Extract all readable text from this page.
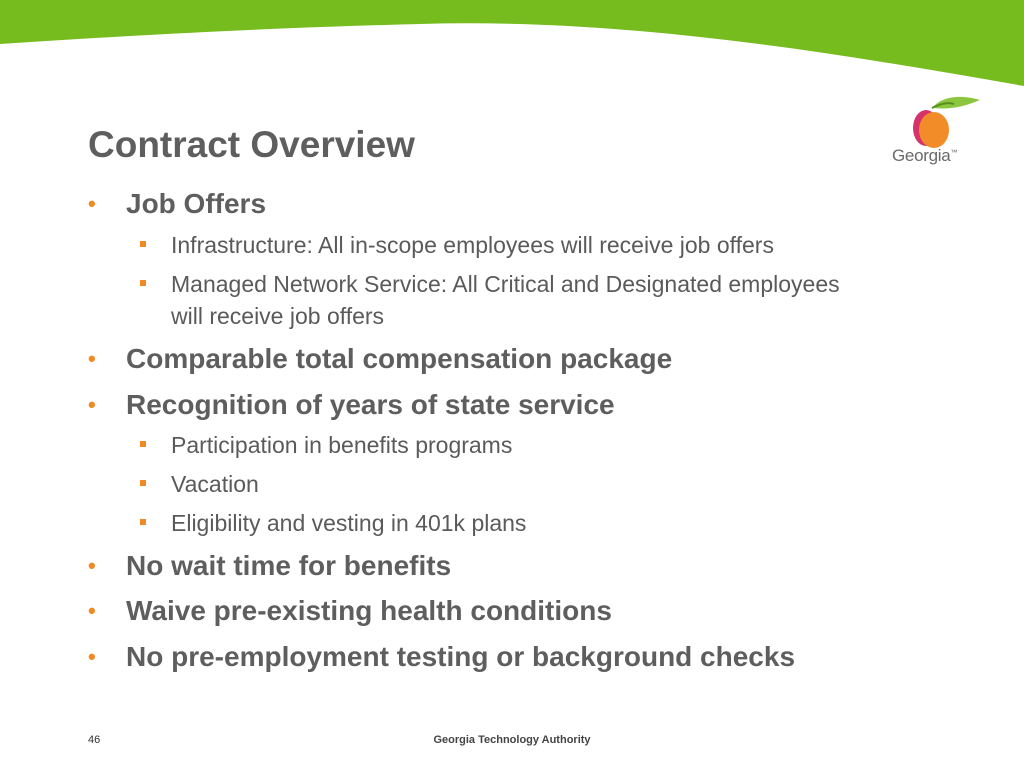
Georgia™
Contract Overview

• Job Offers

Infrastructure: All in-scope employees will receive job offers

Managed Network Service: All Critical and Designated employees

will receive job offers

• Comparable total compensation package

• Recognition of years of state service

Participation in benefits programs

Vacation

Eligibility and vesting in 401k plans

• No wait time for benefits

• Waive pre-existing health conditions

• No pre-employment testing or background checks

46	Georgia Technology Authority
